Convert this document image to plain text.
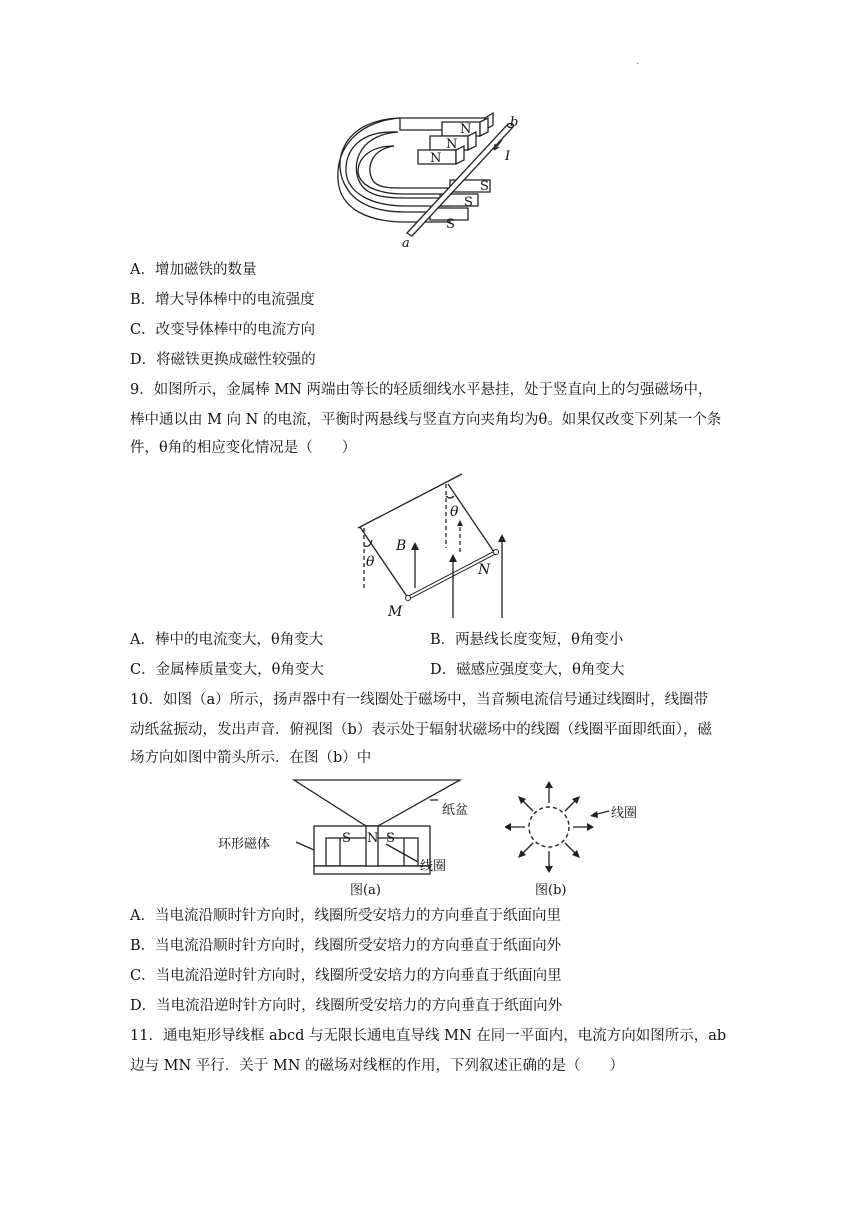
.
N
N
N
S
S
S
b
a
I
A．增加磁铁的数量
B．增大导体棒中的电流强度
C．改变导体棒中的电流方向
D．将磁铁更换成磁性较强的
9．如图所示，金属棒 MN 两端由等长的轻质细线水平悬挂，处于竖直向上的匀强磁场中，
棒中通以由 M 向 N 的电流，平衡时两悬线与竖直方向夹角均为θ。如果仅改变下列某一个条
件，θ角的相应变化情况是（　　）
B
θ
θ
M
N
A．棒中的电流变大，θ角变大	B．两悬线长度变短，θ角变小
C．金属棒质量变大，θ角变大	D．磁感应强度变大，θ角变大
10．如图（a）所示，扬声器中有一线圈处于磁场中，当音频电流信号通过线圈时，线圈带
动纸盆振动，发出声音．俯视图（b）表示处于辐射状磁场中的线圈（线圈平面即纸面），磁
场方向如图中箭头所示．在图（b）中
S N S
纸盆
环形磁体
线圈
图(a)
线圈
图(b)
A．当电流沿顺时针方向时，线圈所受安培力的方向垂直于纸面向里
B．当电流沿顺时针方向时，线圈所受安培力的方向垂直于纸面向外
C．当电流沿逆时针方向时，线圈所受安培力的方向垂直于纸面向里
D．当电流沿逆时针方向时，线圈所受安培力的方向垂直于纸面向外
11．通电矩形导线框 abcd 与无限长通电直导线 MN 在同一平面内，电流方向如图所示，ab
边与 MN 平行．关于 MN 的磁场对线框的作用，下列叙述正确的是（　　）
